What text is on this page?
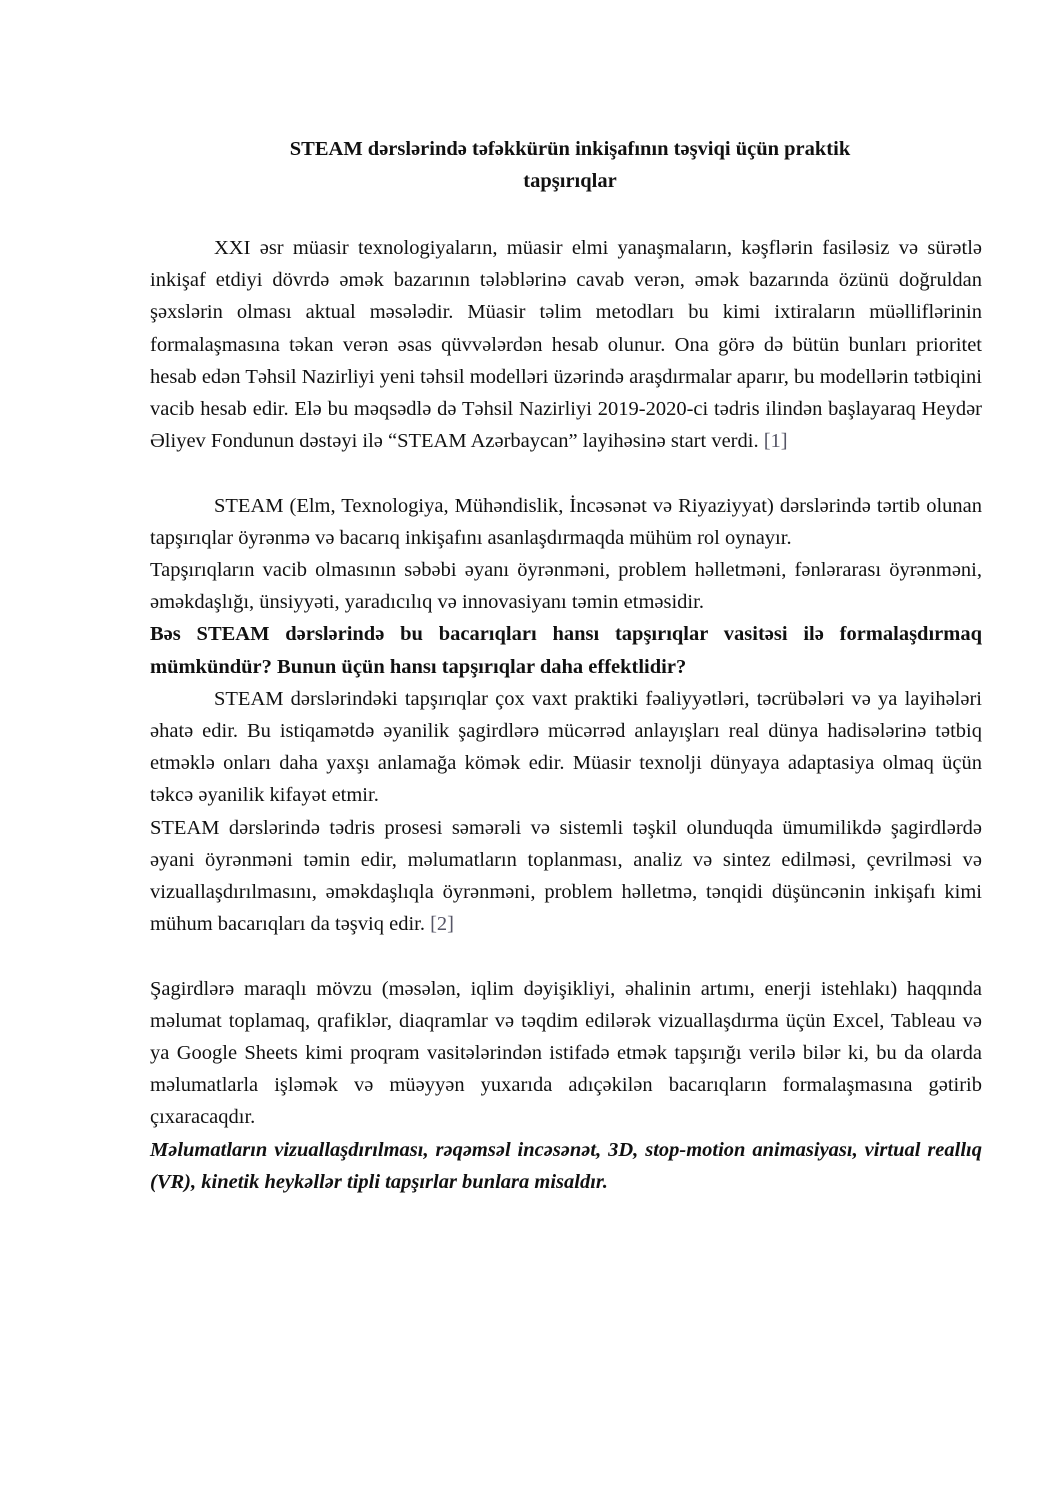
STEAM dərslərində təfəkkürün inkişafının təşviqi üçün praktik
tapşırıqlar

XXI əsr müasir texnologiyaların, müasir elmi yanaşmaların, kəşflərin fasiləsiz və sürətlə inkişaf etdiyi dövrdə əmək bazarının tələblərinə cavab verən, əmək bazarında özünü doğruldan şəxslərin olması aktual məsələdir. Müasir təlim metodları bu kimi ixtiraların müəlliflərinin formalaşmasına təkan verən əsas qüvvələrdən hesab olunur. Ona görə də bütün bunları prioritet hesab edən Təhsil Nazirliyi yeni təhsil modelləri üzərində araşdırmalar aparır, bu modellərin tətbiqini vacib hesab edir. Elə bu məqsədlə də Təhsil Nazirliyi 2019-2020-ci tədris ilindən başlayaraq Heydər Əliyev Fondunun dəstəyi ilə “STEAM Azərbaycan” layihəsinə start verdi. [1]

STEAM (Elm, Texnologiya, Mühəndislik, İncəsənət və Riyaziyyat) dərslərində tərtib olunan tapşırıqlar öyrənmə və bacarıq inkişafını asanlaşdırmaqda mühüm rol oynayır.

Tapşırıqların vacib olmasının səbəbi əyanı öyrənməni, problem həlletməni, fənlərarası öyrənməni, əməkdaşlığı, ünsiyyəti, yaradıcılıq və innovasiyanı təmin etməsidir.

Bəs STEAM dərslərində bu bacarıqları hansı tapşırıqlar vasitəsi ilə formalaşdırmaq mümkündür? Bunun üçün hansı tapşırıqlar daha effektlidir?

STEAM dərslərindəki tapşırıqlar çox vaxt praktiki fəaliyyətləri, təcrübələri və ya layihələri əhatə edir. Bu istiqamətdə əyanilik şagirdlərə mücərrəd anlayışları real dünya hadisələrinə tətbiq etməklə onları daha yaxşı anlamağa kömək edir. Müasir texnolji dünyaya adaptasiya olmaq üçün təkcə əyanilik kifayət etmir.

STEAM dərslərində tədris prosesi səmərəli və sistemli təşkil olunduqda ümumilikdə şagirdlərdə əyani öyrənməni təmin edir, məlumatların toplanması, analiz və sintez edilməsi, çevrilməsi və vizuallaşdırılmasını, əməkdaşlıqla öyrənməni, problem həlletmə, tənqidi düşüncənin inkişafı kimi mühum bacarıqları da təşviq edir. [2]

Şagirdlərə maraqlı mövzu (məsələn, iqlim dəyişikliyi, əhalinin artımı, enerji istehlakı) haqqında məlumat toplamaq, qrafiklər, diaqramlar və təqdim edilərək vizuallaşdırma üçün Excel, Tableau və ya Google Sheets kimi proqram vasitələrindən istifadə etmək tapşırığı verilə bilər ki, bu da olarda məlumatlarla işləmək və müəyyən yuxarıda adıçəkilən bacarıqların formalaşmasına gətirib çıxaracaqdır.

Məlumatların vizuallaşdırılması, rəqəmsəl incəsənət, 3D, stop-motion animasiyası, virtual reallıq (VR), kinetik heykəllər tipli tapşırlar bunlara misaldır.
